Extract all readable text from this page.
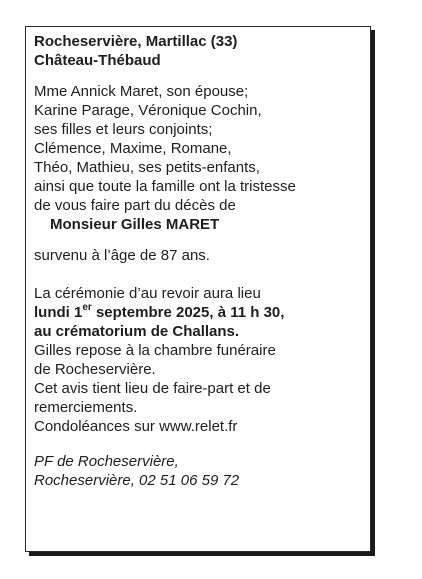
Rocheservière, Martillac (33)

Château-Thébaud

Mme Annick Maret, son épouse;

Karine Parage, Véronique Cochin,

ses filles et leurs conjoints;

Clémence, Maxime, Romane,

Théo, Mathieu, ses petits-enfants,

ainsi que toute la famille ont la tristesse

de vous faire part du décès de

Monsieur Gilles MARET

survenu à l’âge de 87 ans.

La cérémonie d’au revoir aura lieu

lundi 1er septembre 2025, à 11 h 30,

au crématorium de Challans.

Gilles repose à la chambre funéraire

de Rocheservière.

Cet avis tient lieu de faire-part et de

remerciements.

Condoléances sur www.relet.fr

PF de Rocheservière,

Rocheservière, 02 51 06 59 72
